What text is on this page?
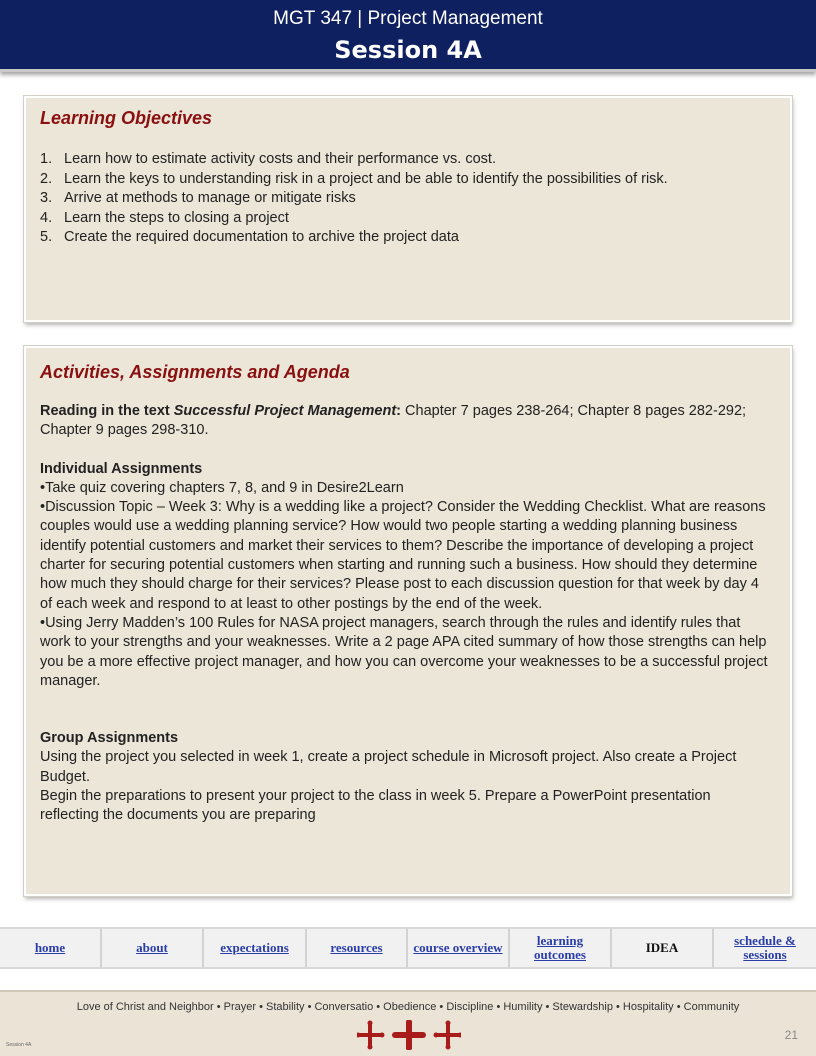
MGT 347 | Project Management
Session 4A
Learning Objectives
1. Learn how to estimate activity costs and their performance vs. cost.
2. Learn the keys to understanding risk in a project and be able to identify the possibilities of risk.
3. Arrive at methods to manage or mitigate risks
4. Learn the steps to closing a project
5. Create the required documentation to archive the project data
Activities, Assignments and Agenda

Reading in the text Successful Project Management: Chapter 7 pages 238-264; Chapter 8 pages 282-292; Chapter 9 pages 298-310.

Individual Assignments

•Take quiz covering chapters 7, 8, and 9 in Desire2Learn

•Discussion Topic – Week 3: Why is a wedding like a project? Consider the Wedding Checklist. What are reasons couples would use a wedding planning service? How would two people starting a wedding planning business identify potential customers and market their services to them? Describe the importance of developing a project charter for securing potential customers when starting and running such a business. How should they determine how much they should charge for their services? Please post to each discussion question for that week by day 4 of each week and respond to at least to other postings by the end of the week.

•Using Jerry Madden’s 100 Rules for NASA project managers, search through the rules and identify rules that work to your strengths and your weaknesses. Write a 2 page APA cited summary of how those strengths can help you be a more effective project manager, and how you can overcome your weaknesses to be a successful project manager.

Group Assignments

Using the project you selected in week 1, create a project schedule in Microsoft project. Also create a Project Budget.

Begin the preparations to present your project to the class in week 5. Prepare a PowerPoint presentation reflecting the documents you are preparing

home	about	expectations	resources	course overview	learning outcomes	IDEA	schedule & sessions
Love of Christ and Neighbor • Prayer • Stability • Conversatio • Obedience • Discipline • Humility • Stewardship • Hospitality • Community
21
Session 4A
